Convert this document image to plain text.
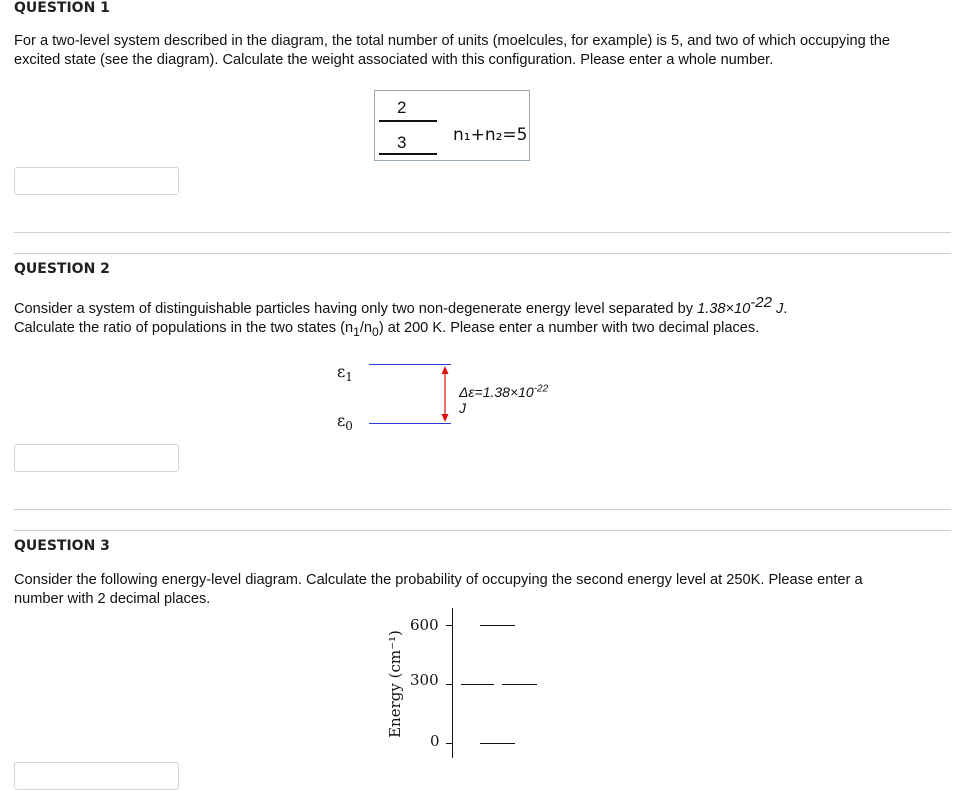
QUESTION 1
For a two-level system described in the diagram, the total number of units (moelcules, for example) is 5, and two of which occupying the excited state (see the diagram). Calculate the weight associated with this configuration. Please enter a whole number.
2
3	n₁+n₂=5
QUESTION 2
Consider a system of distinguishable particles having only two non-degenerate energy level separated by $1.38\times 10^{-22}$ J.
Calculate the ratio of populations in the two states $(n_1/n_0)$ at 200 K. Please enter a number with two decimal places.
$\varepsilon_1$
$\varepsilon_0$
$\Delta\varepsilon=1.38\times 10^{-22}$ J
QUESTION 3
Consider the following energy-level diagram. Calculate the probability of occupying the second energy level at 250K. Please enter a number with 2 decimal places.
Energy (cm⁻¹)
600
300
0
